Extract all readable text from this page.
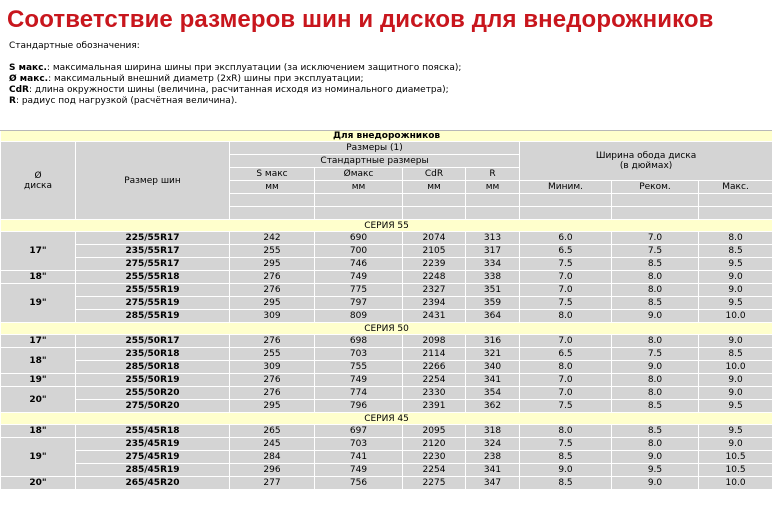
Соответствие размеров шин и дисков для внедорожников
Стандартные обозначения:
S макс.: максимальная ширина шины при эксплуатации (за исключением защитного пояска);
Ø макс.: максимальный внешний диаметр (2xR) шины при эксплуатации;
CdR: длина окружности шины (величина, расчитанная исходя из номинального диаметра);
R: радиус под нагрузкой (расчётная величина).
Для внедорожников								
Ø
диска	Размер шин	Размеры (1)				Ширина обода диска
(в дюймах)		
		Стандартные размеры						
		S макс	Øмакс	CdR	R			
		мм	мм	мм	мм	Миним.	Реком.	Макс.

СЕРИЯ 55								
17"	225/55R17	242	690	2074	313	6.0	7.0	8.0
	235/55R17	255	700	2105	317	6.5	7.5	8.5
	275/55R17	295	746	2239	334	7.5	8.5	9.5
18"	255/55R18	276	749	2248	338	7.0	8.0	9.0
19"	255/55R19	276	775	2327	351	7.0	8.0	9.0
	275/55R19	295	797	2394	359	7.5	8.5	9.5
	285/55R19	309	809	2431	364	8.0	9.0	10.0
СЕРИЯ 50								
17"	255/50R17	276	698	2098	316	7.0	8.0	9.0
18"	235/50R18	255	703	2114	321	6.5	7.5	8.5
	285/50R18	309	755	2266	340	8.0	9.0	10.0
19"	255/50R19	276	749	2254	341	7.0	8.0	9.0
20"	255/50R20	276	774	2330	354	7.0	8.0	9.0
	275/50R20	295	796	2391	362	7.5	8.5	9.5
СЕРИЯ 45								
18"	255/45R18	265	697	2095	318	8.0	8.5	9.5
19"	235/45R19	245	703	2120	324	7.5	8.0	9.0
	275/45R19	284	741	2230	238	8.5	9.0	10.5
	285/45R19	296	749	2254	341	9.0	9.5	10.5
20"	265/45R20	277	756	2275	347	8.5	9.0	10.0
